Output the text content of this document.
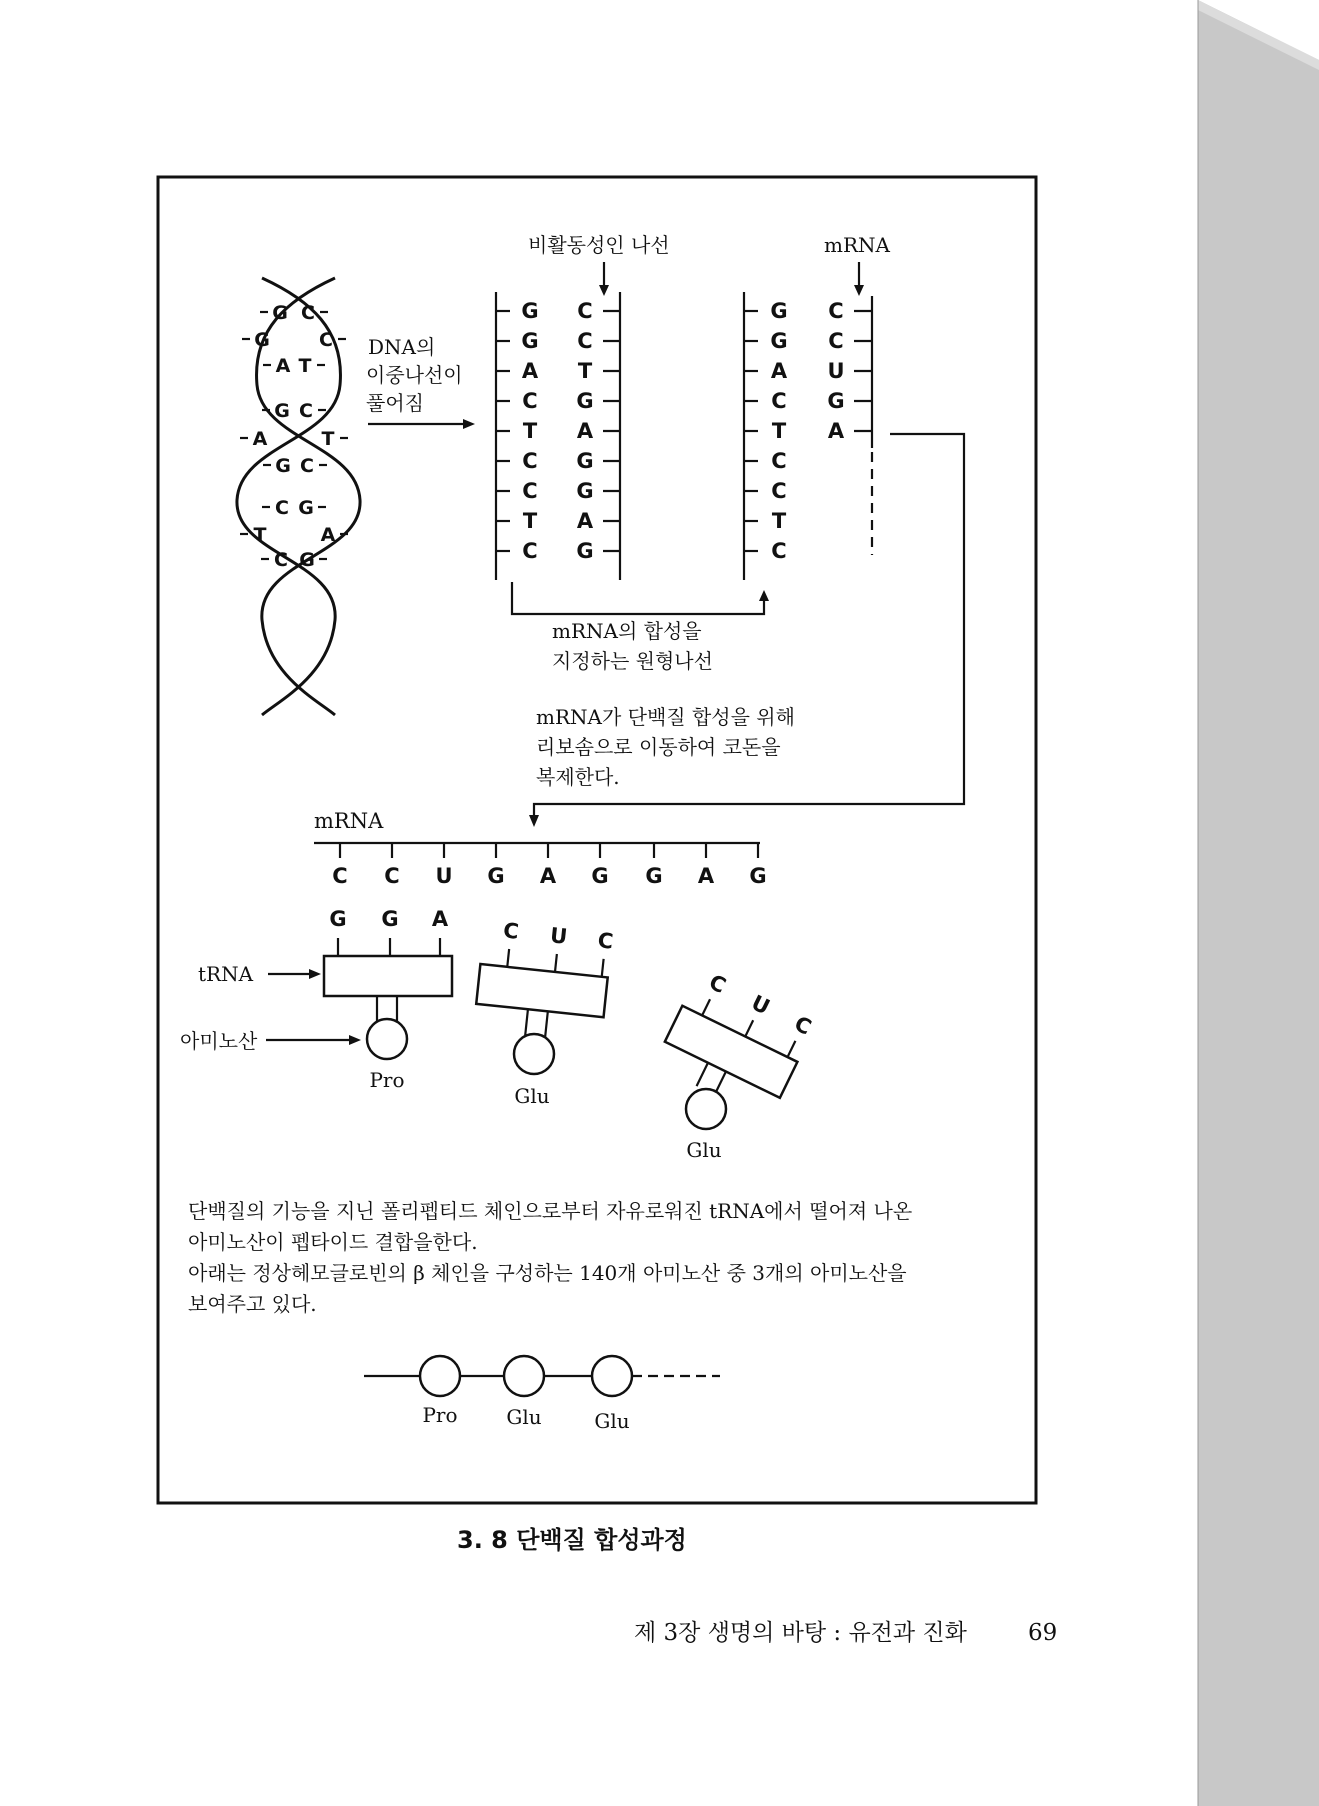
G C
G	C
A T
G C
A	T
G C
C G
T	A
C G
DNA의
이중나선이
풀어짐
비활동성인 나선
G
G
A
C
T
C
C
T
C
C
C
T
G
A
G
G
A
G
G
G
A
C
T
C
C
T
C
mRNA의 합성을
지정하는 원형나선
mRNA
C
C
U
G
A
mRNA가 단백질 합성을 위해
리보솜으로 이동하여 코돈을
복제한다.
mRNA
C C U G A G G A G
tRNA
아미노산
G G A
Pro
C U C
Glu
C
U
C
Glu
단백질의 기능을 지닌 폴리펩티드 체인으로부터 자유로워진 tRNA에서 떨어져 나온
아미노산이 펩타이드 결합을한다.
아래는 정상헤모글로빈의 β 체인을 구성하는 140개 아미노산 중 3개의 아미노산을
보여주고 있다.
Pro Glu	Glu
3. 8 단백질 합성과정
제 3장 생명의 바탕 : 유전과 진화	69
